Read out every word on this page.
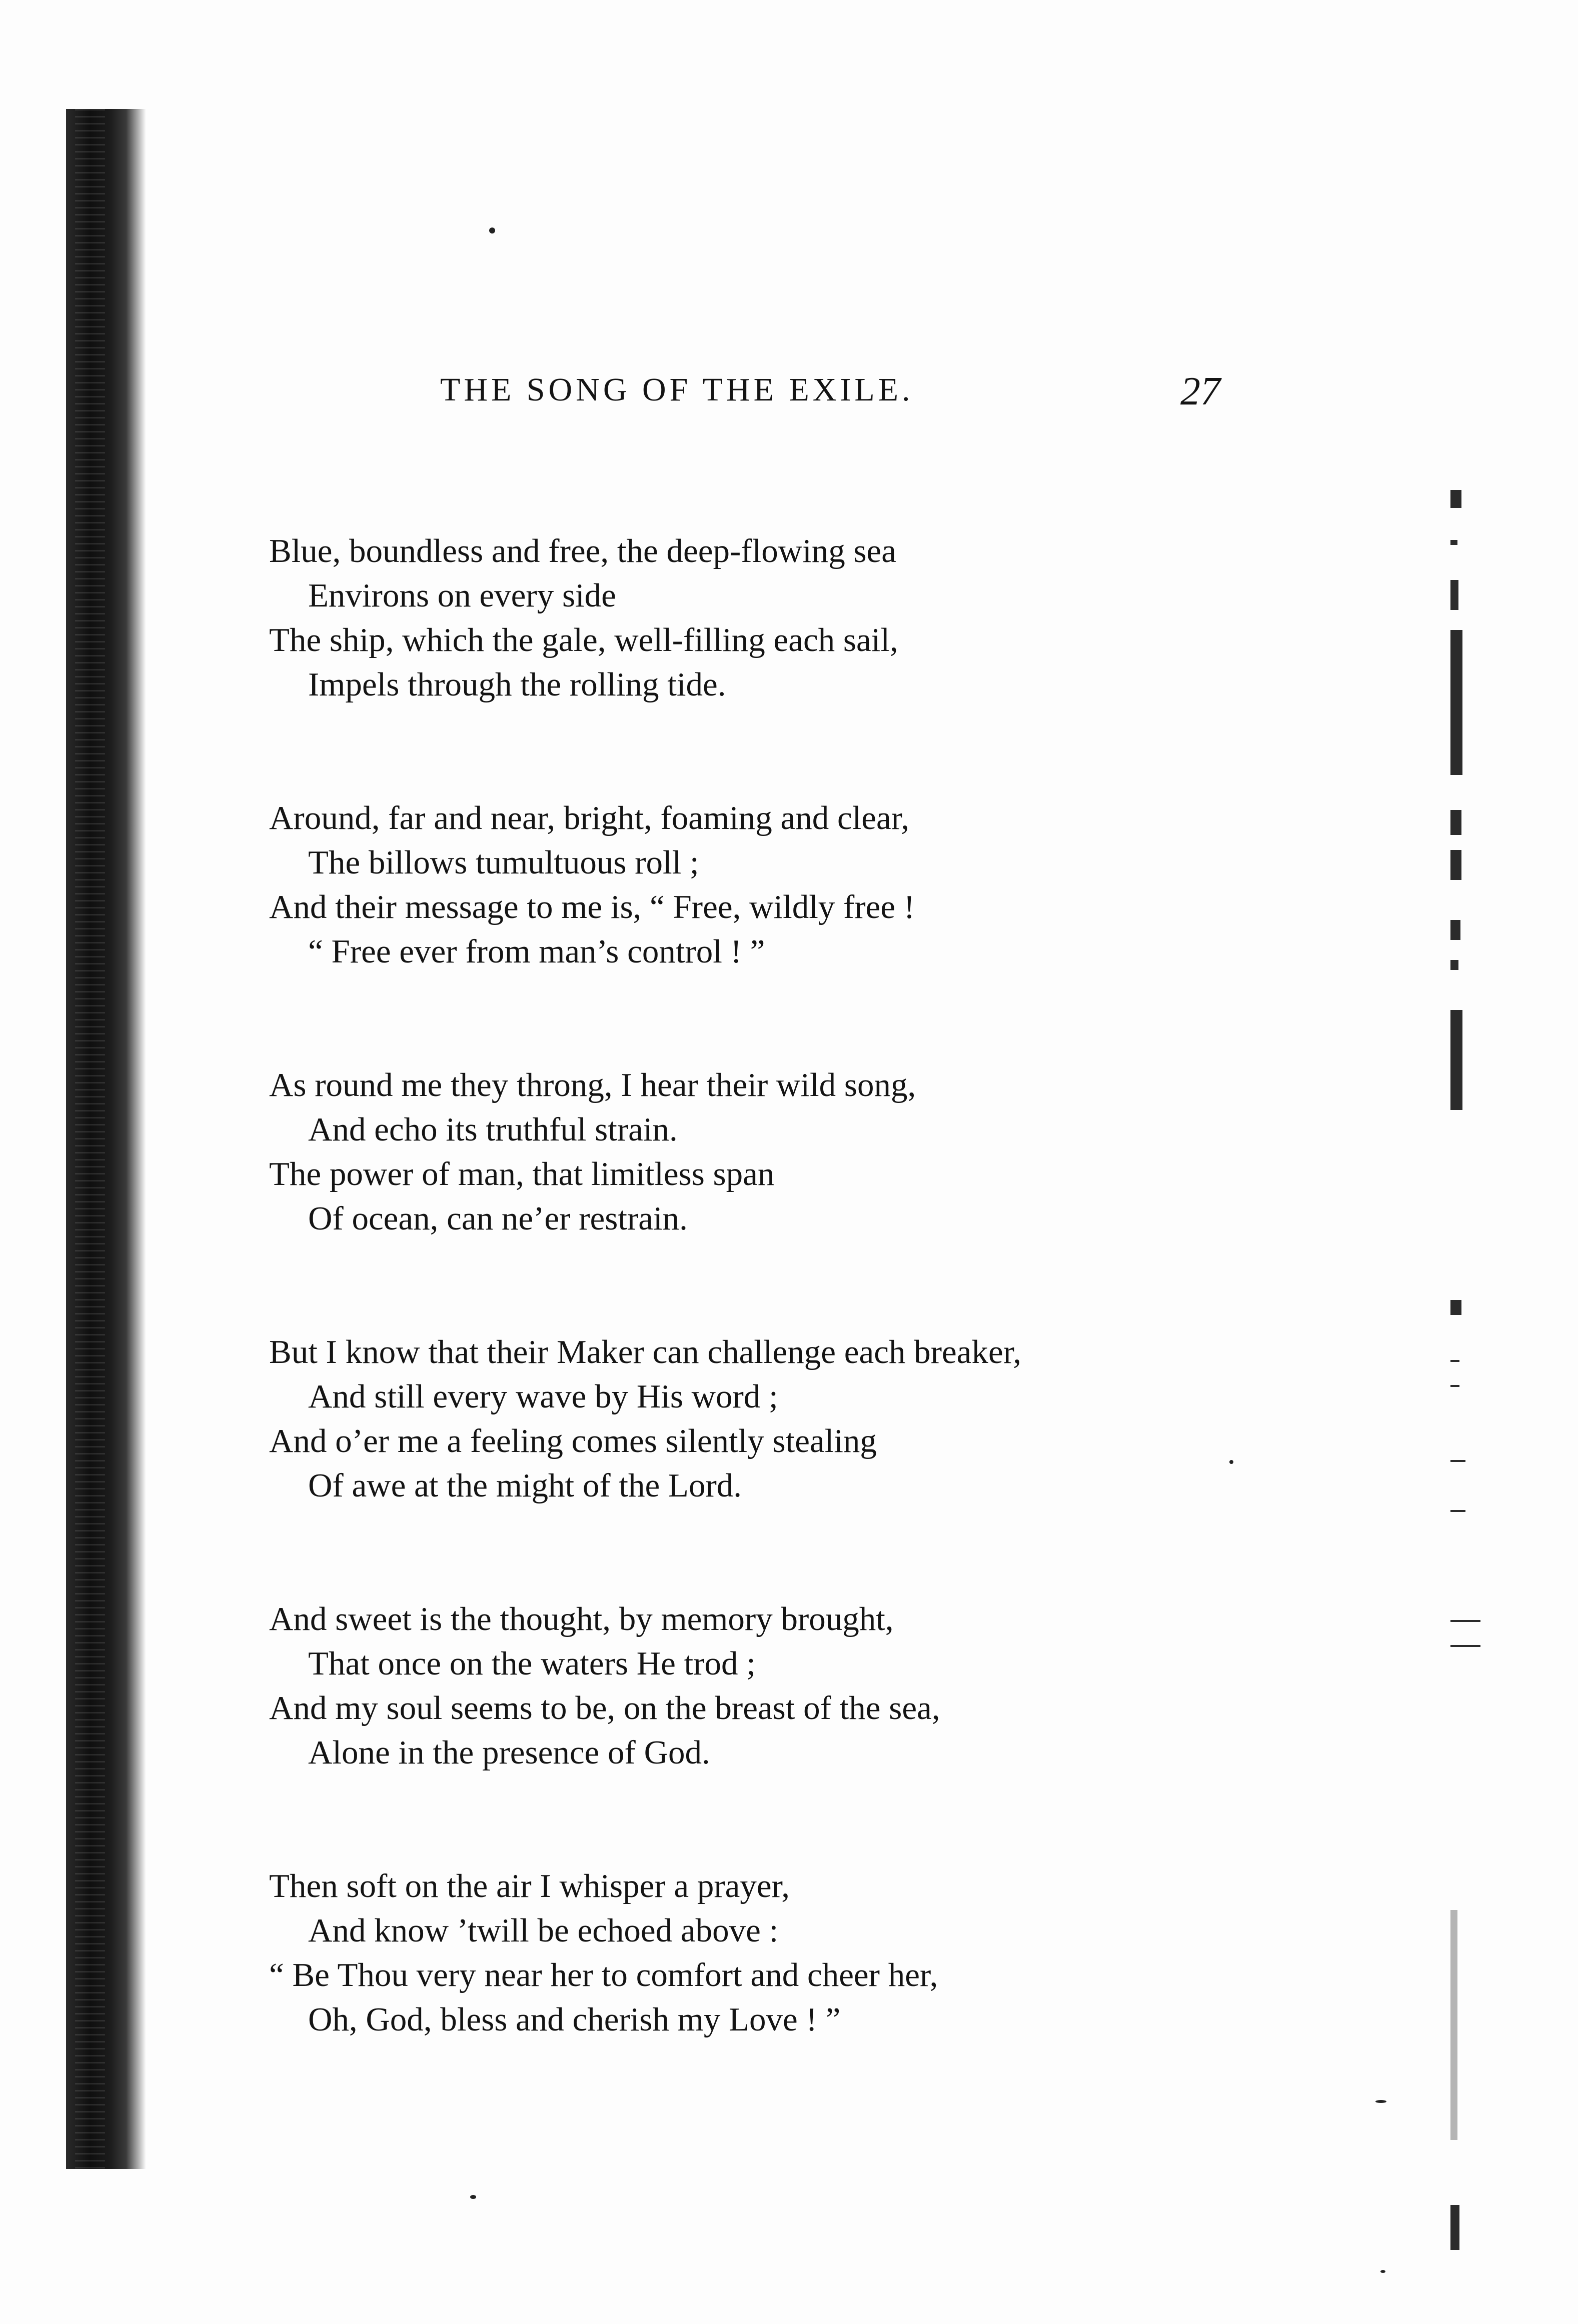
THE SONG OF THE EXILE.	27
Blue, boundless and free, the deep-flowing sea
Environs on every side
The ship, which the gale, well-filling each sail,
Impels through the rolling tide.
Around, far and near, bright, foaming and clear,
The billows tumultuous roll ;
And their message to me is, “ Free, wildly free !
“ Free ever from man’s control ! ”
As round me they throng, I hear their wild song,
And echo its truthful strain.
The power of man, that limitless span
Of ocean, can ne’er restrain.
But I know that their Maker can challenge each breaker,
And still every wave by His word ;
And o’er me a feeling comes silently stealing
Of awe at the might of the Lord.
And sweet is the thought, by memory brought,
That once on the waters He trod ;
And my soul seems to be, on the breast of the sea,
Alone in the presence of God.
Then soft on the air I whisper a prayer,
And know ’twill be echoed above :
“ Be Thou very near her to comfort and cheer her,
Oh, God, bless and cherish my Love ! ”
